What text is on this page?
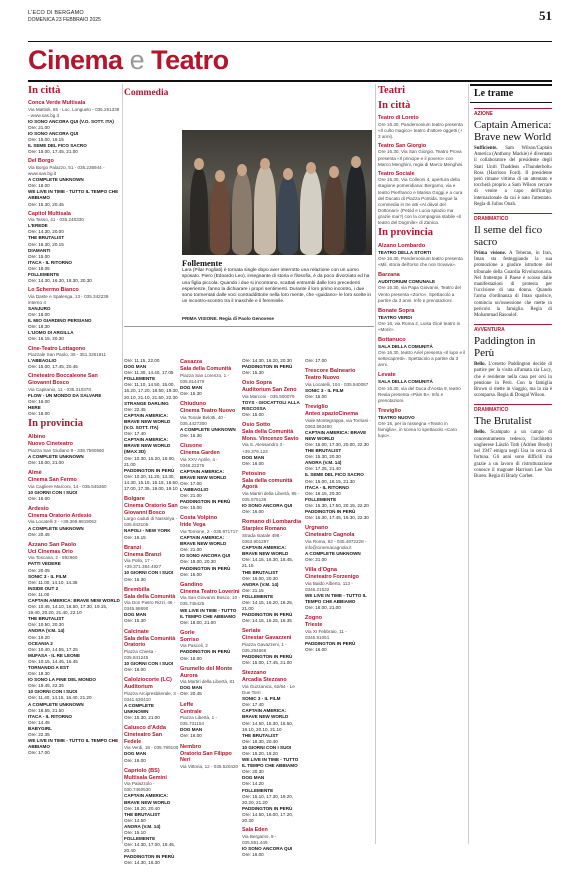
L'ECO DI BERGAMO
DOMENICA 23 FEBBRAIO 2025	51
Cinema e Teatro
In città
Conca Verde Multisala
Via Mattioli, 65 - Loc. Longuelo - 035.251339 - www.sas.bg.it
IO SONO ANCORA QUI (V.O. SOTT. ITA)
Ore: 21.00
IO SONO ANCORA QUI
Ore: 15.00, 18.15
IL SEME DEL FICO SACRO
Ore: 15.00, 17.45, 21.00
Del Borgo
Via Borgo Palazzo, 51 - 035.236944 - www.sas.bg.it
A COMPLETE UNKNOWN
Ore: 18.00
WE LIVE IN TIME - TUTTO IL TEMPO CHE ABBIAMO
Ore: 15.30, 20.45
Capitol Multisala
Via Tasso, 41 - 035.248330
L'EREDE
Ore: 14.30, 20.00
THE BRUTALIST
Ore: 16.30, 20.15
DIAMANTI
Ore: 15.00
ITACA - IL RITORNO
Ore: 18.05
FOLLEMENTE
Ore: 14.30, 16.30, 18.30, 20.30
Lo Schermo Bianco
Via Daste e Spalenga, 13 - 035.342239 interno 4
SANJURO
Ore: 16.00
IL MIO GIARDINO PERSIANO
Ore: 18.30
L'UOMO DI ARGILLA
Ore: 16.15, 20.30
Cine-Teatro Lottagono
Piazzale San Paolo, 35 - 351.3261911
L'ABBAGLIO
Ore: 15.00, 17.45, 20.45
Cineteatro Boccaleone San Giovanni Bosco
Via Capitanio, 11 - 035.310378
FLOW - UN MONDO DA SALVARE
Ore: 16.00
HERE
Ore: 18.00
In provincia
Albino
Nuovo Cineteatro
Piazza San Giuliano 9 - 338.7560560
A COMPLETE UNKNOWN
Ore: 15.00, 21.00
Almè
Cinema San Fermo
Via Cagliere Marconi, 14 - 035.545360
10 GIORNI CON I SUOI
Ore: 16.00
Ardesio
Cinema Oratorio Ardesio
Via Locatelli 3 - +39.366.9819052
A COMPLETE UNKNOWN
Ore: 20.45
Azzano San Paolo
Uci Cinemas Orio
Via Toscana, 2 - 892960
PATTI VEDERE
Ore: 20.05
SONIC 3 - IL FILM
Ore: 11.00, 14.10, 14.35
INSIDE OUT 2
Ore: 11.00
CAPTAIN AMERICA: BRAVE NEW WORLD
Ore: 10.45, 14.10, 16.50, 17.30, 19.15, 19.40, 20.20, 21.40, 22.10
THE BRUTALIST
Ore: 10.50, 20.30
ANORA (V.M. 14)
Ore: 19.20
OCEANIA 2
Ore: 10.40, 14.55, 17.25
MUFASA - IL RE LEONE
Ore: 10.15, 14.45, 16.45
TORNANDO A EST
Ore: 18.30
IO SONO LA FINE DEL MONDO
Ore: 19.45, 22.35
10 GIORNI CON I SUOI
Ore: 11.40, 14.15, 16.40, 21.20
A COMPLETE UNKNOWN
Ore: 18.55, 21.50
ITACA - IL RITORNO
Ore: 14.45
BABYGIRL
Ore: 22.35
WE LIVE IN TIME - TUTTO IL TEMPO CHE ABBIAMO
Ore: 17.00
Commedia
Follemente
Lara (Pilar Fogliati) è tornata single dopo aver interrotto una relazione con un uomo sposato. Piero (Edoardo Leo), insegnante di storia e filosofia, è da poco divorziato ed ha una figlia piccola. Quando i due si incontrano, scattati entrambi dalle loro precedenti esperienze, fanno la dichiarare i propri sentimenti. Durante il loro primo incontro, i due sono tormentati dalle voci contraddittorie nella loro mente, che «guidano» le loro scelte in un incontro-scontro tra il maschile e il femminile.
PRIMA VISIONE. Regia di Paolo Genovese
Ore: 11.15, 22.00
DOG MAN
Ore: 11.30, 14.40, 17.05
FOLLEMENTE
Ore: 11.10, 14.50, 15.00, 16.20, 17.20, 18.50, 19.30, 20.10, 21.10, 21.50, 22.30
STRANGE DARLING
Ore: 22.45
CAPTAIN AMERICA: BRAVE NEW WORLD (V.O. SOTT. ITA)
Ore: 17.40
CAPTAIN AMERICA: BRAVE NEW WORLD (IMAX 3D)
Ore: 10.30, 15.20, 18.00, 21.00
PADDINGTON IN PERÙ
Ore: 10.20, 11.20, 13.30, 14.30, 15.15, 16.15, 16.50, 17.00, 17.35, 19.00, 19.10
Bolgare
Cinema Oratorio San Giovanni Bosco
Largo caduti di Nassiriya - 035.843105
NAPOLI - NEW YORK
Ore: 16.15
Branzi
Cinema Branzi
Via Pollo, 17 - +39.371.384.4927
10 GIORNI CON I SUOI
Ore: 15.30
Brembilla
Sala della Comunità
Via Don Pietro Rizzi, 46 - 0345.98690
DOG MAN
Ore: 15.30
Calcinate
Sala della Comunità Oratorio
Piazza Chiesa - 035.841245
10 GIORNI CON I SUOI
Ore: 16.00
Calolziocorte (LC)
Auditorium
Piazza Arcipresbiterale, 3 - 0341.630410
A COMPLETE UNKNOWN
Ore: 15.30, 21.00
Calusco d'Adda
Cineteatro San Fedele
Via Verdi, 18 - 035.799100
DOG MAN
Ore: 16.00
Capriolo (BS)
Multisala Gemini
Via Palazzolo - 030.7460530
CAPTAIN AMERICA: BRAVE NEW WORLD
Ore: 18.20, 20.40
THE BRUTALIST
Ore: 14.50
ANORA (V.M. 14)
Ore: 15.10
FOLLEMENTE
Ore: 14.30, 17.00, 18.45, 20.40
PADDINGTON IN PERÙ
Ore: 14.30, 16.30
Casazza
Sala della Comunità
Piazza San Lorenzo, 1 - 035.814479
DOG MAN
Ore: 15.30
Chiuduno
Cinema Teatro Nuovo
Via Tonale Belotti, 40 - 035.4427300
A COMPLETE UNKNOWN
Ore: 15.30
Clusone
Cinema Garden
Via XXV Aprile, 4 - 0346.22275
CAPTAIN AMERICA: BRAVE NEW WORLD
Ore: 17.00
L'ABBAGLIO
Ore: 21.00
PADDINGTON IN PERÙ
Ore: 15.00
Costa Volpino
Iride Vega
Via Torrione, 2 - 035.971717
CAPTAIN AMERICA: BRAVE NEW WORLD
Ore: 21.00
IO SONO ANCORA QUI
Ore: 18.00, 20.30
PADDINGTON IN PERÙ
Ore: 15.00
Gandino
Cinema Teatro Loverini
Via San Giovanni Bosco, 10 - 035.745425
WE LIVE IN TIME - TUTTO IL TEMPO CHE ABBIAMO
Ore: 16.00, 21.00
Gorle
Sorriso
Via Pascoli, 2
PADDINGTON IN PERÙ
Ore: 15.00
Grumello del Monte
Aurora
Via Martiri della Libertà, 81
DOG MAN
Ore: 20.45
Leffe
Centrale
Piazza Libertà, 1 - 035.731154
DOG MAN
Ore: 16.00
Nembro
Oratorio San Filippo Neri
Via Vittoria, 12 - 035.520420
Ore: 14.30, 16.20, 20.30
PADDINGTON IN PERÙ
Ore: 15.30
Osio Sopra
Auditorium San Zeno
Via Marconi - 035.500079
TOYS - GIOCATTOLI ALLA RISCOSSA
Ore: 15.00
Osio Sotto
Sala della Comunità Mons. Vincenzo Savio
Via S. Alessandro 3 - +39.379.123
DOG MAN
Ore: 16.00
Petosino
Sala della comunità Agorà
Via Martiri della Libertà, 95 - 035.575136
IO SONO ANCORA QUI
Ore: 16.00
Romano di Lombardia
Starplex Romano
Strada statale 498 - 0363.901297
CAPTAIN AMERICA: BRAVE NEW WORLD
Ore: 14.15, 16.30, 18.45, 21.15
THE BRUTALIST
Ore: 16.00, 20.30
ANORA (V.M. 14)
Ore: 21.15
FOLLEMENTE
Ore: 14.15, 16.20, 18.25, 21.00
PADDINGTON IN PERÙ
Ore: 14.15, 16.25, 18.35
Seriate
Cinestar Gavazzeni
Piazza Gavazzeni, 1 - 035.294666
PADDINGTON IN PERÙ
Ore: 15.00, 17.45, 21.00
Stezzano
Arcadia Stezzano
Via Guzzanica, 62/64 - Le Due Torri
SONIC 3 - IL FILM
Ore: 17.40
CAPTAIN AMERICA: BRAVE NEW WORLD
Ore: 14.50, 15.30, 16.50, 18.10, 20.10, 21.10
THE BRUTALIST
Ore: 16.30, 20.40
10 GIORNI CON I SUOI
Ore: 15.20, 18.20
WE LIVE IN TIME - TUTTO IL TEMPO CHE ABBIAMO
Ore: 20.30
DOG MAN
Ore: 14.20
FOLLEMENTE
Ore: 15.10, 17.30, 19.20, 20.20, 21.20
PADDINGTON IN PERÙ
Ore: 14.50, 16.00, 17.20, 20.30
Sala Eden
Via Bergamo, 9 - 035.591.449
IO SONO ANCORA QUI
Ore: 16.00
Ore: 17.00
Trescore Balneario
Teatro Nuovo
Via Locatelli, 104 - 035.940087
SONIC 3 - IL FILM
Ore: 15.00
Treviglio
Anteo spazioCinema
Viale Montegrappa, via Torriani - 0363.563460
CAPTAIN AMERICA: BRAVE NEW WORLD
Ore: 15.00, 17.30, 20.00, 22.30
THE BRUTALIST
Ore: 15.30, 20.30
ANORA (V.M. 14)
Ore: 17.25, 21.40
IL SEME DEL FICO SACRO
Ore: 15.00, 18.15, 21.30
ITACA - IL RITORNO
Ore: 16.15, 20.30
FOLLEMENTE
Ore: 15.30, 17.50, 20.15, 22.20
PADDINGTON IN PERÙ
Ore: 15.30, 17.45, 19.30, 22.30
Urgnano
Cineteatro Cagnola
Via Roma, 82 - 035.4872228 - info@cinemacagnola.it
A COMPLETE UNKNOWN
Ore: 21.00
Villa d'Ogna
Cineteatro Forzenigo
Via Baldo Alberto, 113 - 0346.21532
WE LIVE IN TIME - TUTTO IL TEMPO CHE ABBIAMO
Ore: 16.00, 21.00
Zogno
Trieste
Via XI Febbraio, 11 - 0345.91051
PADDINGTON IN PERÙ
Ore: 16.00
Teatri
In città
Teatro di Loreto
Ore 16.30, Pandemonium teatro presenta «Il culto magico» teatro d'attore oggetti (+ 3 anni).
Teatro San Giorgio
Ore 16.30, Via San Giorgio. Teatro Prova presenta «Il principe e il povero» con Marco Menghini, regia di Marco Menghini.
Teatro Sociale
Ore 15.30, Via Colleoni 4, apertura della stagione pomeridiana: Bergamo, via e teatro Pierfranco e Marisa Goggi e a cura del Ducato di Piazza Pontida. Segue la commedia in tre atti «Al dàvol del Dottonari» (Petòd e Lucia spiazio ma grazie mai?) con la compagnia stabile «Il teatro del Dogmile» di Zanica.
In provincia
Alzano Lombardo
TEATRO DELLA STORTI
Ore 16.30, Pandemonium teatro presenta «Mil, storia dell'orso che non trovava».
Barzana
AUDITORIUM COMUNALE
Ore 16.30, via Papa Giovanni, Teatro del Vento presenta «Zorro». Spettacolo a partire da 3 anni. Info e prenotazioni.
Bonate Sopra
TEATRO VERDI
Ore 16, via Roma 2, Luisa Gioè teatro in «Morir».
Bottanuco
SALA DELLA COMUNITÀ
Ore 16.30, teatro Ariel presenta «Il lupo e il settecapretti». Spettacolo a partire da 3 anni.
Levate
SALA DELLA COMUNITÀ
Ore 16.30, via del Duca d'Aosta 9, teatro Reala presenta «Pàin B». Info e prenotazioni.
Treviglio
TEATRO NUOVO
Ore 16, per la rassegna «Teatro in famiglia», in scena lo spettacolo «Caro lupo».
Le trame
AZIONE
Captain America: Brave new World
Sufficiente. Sam Wilson/Captain America (Anthony Mackie) è diventato il collaboratore del presidente degli Stati Uniti Thaddeus «Thunderbolt» Ross (Harrison Ford). Il presidente però rimane vittima di un attentato e toccherà proprio a Sam Wilson cercare di venire a capo dell'intrigo internazionale da cui è nato l'attentato. Regia di Julius Onah.
DRAMMATICO
Il seme del fico sacro
Prima visione. A Teheran, in Iran, Iman sta festeggiando la sua promozione a giudice istruttore del tribunale della Guardia Rivoluzionaria. Nel frattempo il Paese è scosso dalle manifestazioni di protesta per l'uccisione di una donna. Quando l'arma d'ordinanza di Iman sparisce, comincia un'ossessione che mette in pericolo la famiglia. Regia di Mohammad Rasoulof.
AVVENTURA
Paddington in Perù
Bello. L'orsetto Paddington decide di partire per la visita all'amata zia Lucy, che è residente nella casa per orsi in pensione in Perù. Con la famiglia Brown si mette in viaggio, ma la zia è scomparsa. Regia di Dougal Wilson.
DRAMMATICO
The Brutalist
Bello. Scampato a un campo di concentramento tedesco, l'architetto ungherese László Toth (Adrien Brody) nel 1947 emigra negli Usa in cerca di fortuna. Gli anni sono difficili ma grazie a un lavoro di ristrutturazione conosce il magnate Harrison Lee Van Buren. Regia di Brady Corbet.
